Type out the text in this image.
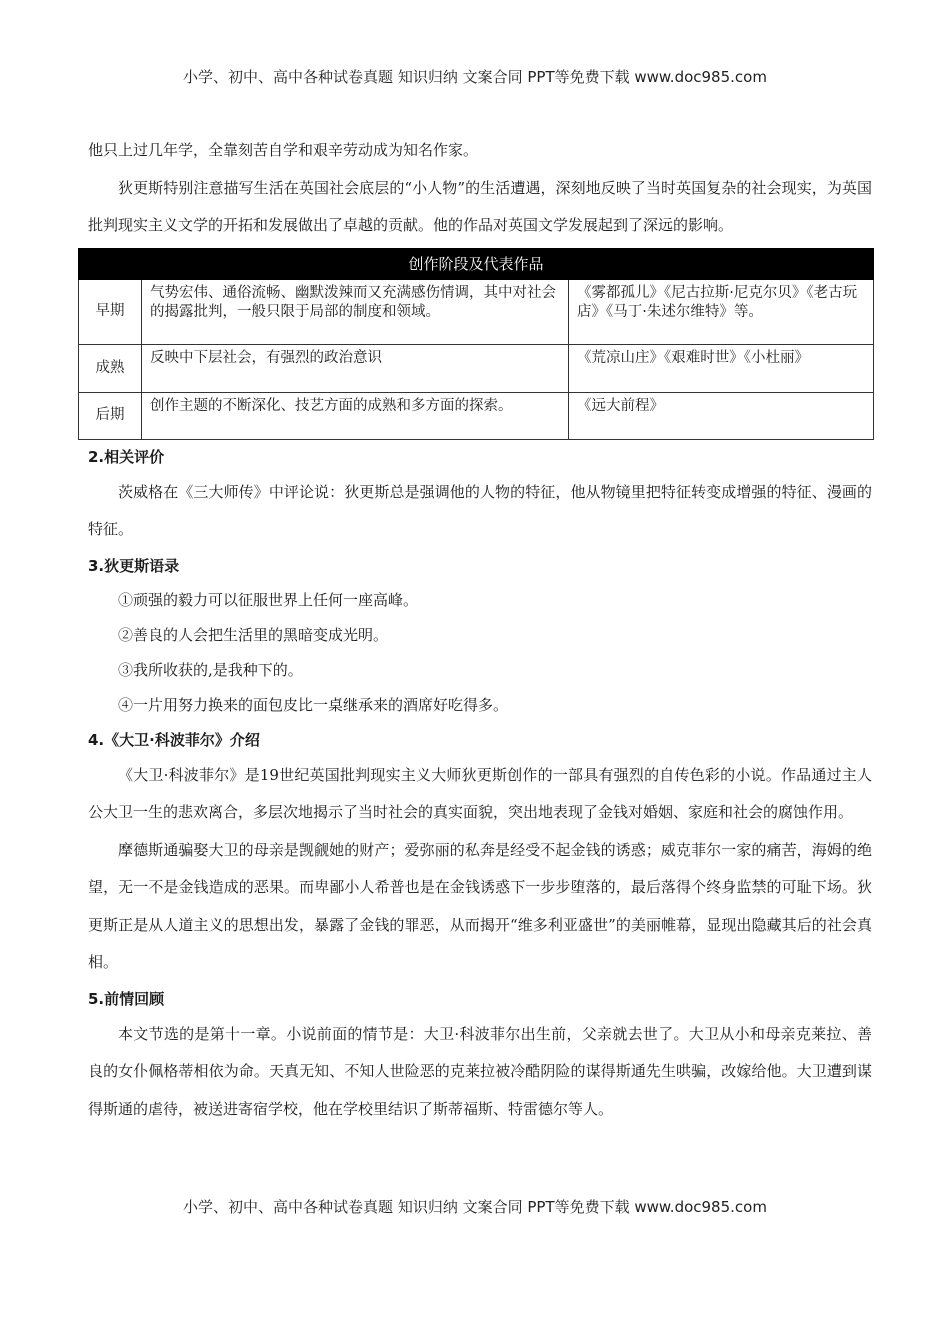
小学、初中、高中各种试卷真题 知识归纳 文案合同 PPT等免费下载 www.doc985.com

他只上过几年学，全靠刻苦自学和艰辛劳动成为知名作家。

狄更斯特别注意描写生活在英国社会底层的“小人物”的生活遭遇，深刻地反映了当时英国复杂的社会现实，为英国批判现实主义文学的开拓和发展做出了卓越的贡献。他的作品对英国文学发展起到了深远的影响。

创作阶段及代表作品		
早期	气势宏伟、通俗流畅、幽默泼辣而又充满感伤情调，其中对社会的揭露批判，一般只限于局部的制度和领域。	《雾都孤儿》《尼古拉斯·尼克尔贝》《老古玩店》《马丁·朱述尔维特》等。
成熟	反映中下层社会，有强烈的政治意识	《荒凉山庄》《艰难时世》《小杜丽》
后期	创作主题的不断深化、技艺方面的成熟和多方面的探索。	《远大前程》
2.相关评价

茨威格在《三大师传》中评论说：狄更斯总是强调他的人物的特征，他从物镜里把特征转变成增强的特征、漫画的特征。

3.狄更斯语录

①顽强的毅力可以征服世界上任何一座高峰。

②善良的人会把生活里的黑暗变成光明。

③我所收获的,是我种下的。

④一片用努力换来的面包皮比一桌继承来的酒席好吃得多。

4.《大卫·科波菲尔》介绍

《大卫·科波菲尔》是19世纪英国批判现实主义大师狄更斯创作的一部具有强烈的自传色彩的小说。作品通过主人公大卫一生的悲欢离合，多层次地揭示了当时社会的真实面貌，突出地表现了金钱对婚姻、家庭和社会的腐蚀作用。

摩德斯通骗娶大卫的母亲是觊觎她的财产；爱弥丽的私奔是经受不起金钱的诱惑；威克菲尔一家的痛苦，海姆的绝望，无一不是金钱造成的恶果。而卑鄙小人希普也是在金钱诱惑下一步步堕落的，最后落得个终身监禁的可耻下场。狄更斯正是从人道主义的思想出发，暴露了金钱的罪恶，从而揭开“维多利亚盛世”的美丽帷幕，显现出隐藏其后的社会真相。

5.前情回顾

本文节选的是第十一章。小说前面的情节是：大卫·科波菲尔出生前，父亲就去世了。大卫从小和母亲克莱拉、善良的女仆佩格蒂相依为命。天真无知、不知人世险恶的克莱拉被冷酷阴险的谋得斯通先生哄骗，改嫁给他。大卫遭到谋得斯通的虐待，被送进寄宿学校，他在学校里结识了斯蒂福斯、特雷德尔等人。

小学、初中、高中各种试卷真题 知识归纳 文案合同 PPT等免费下载 www.doc985.com
